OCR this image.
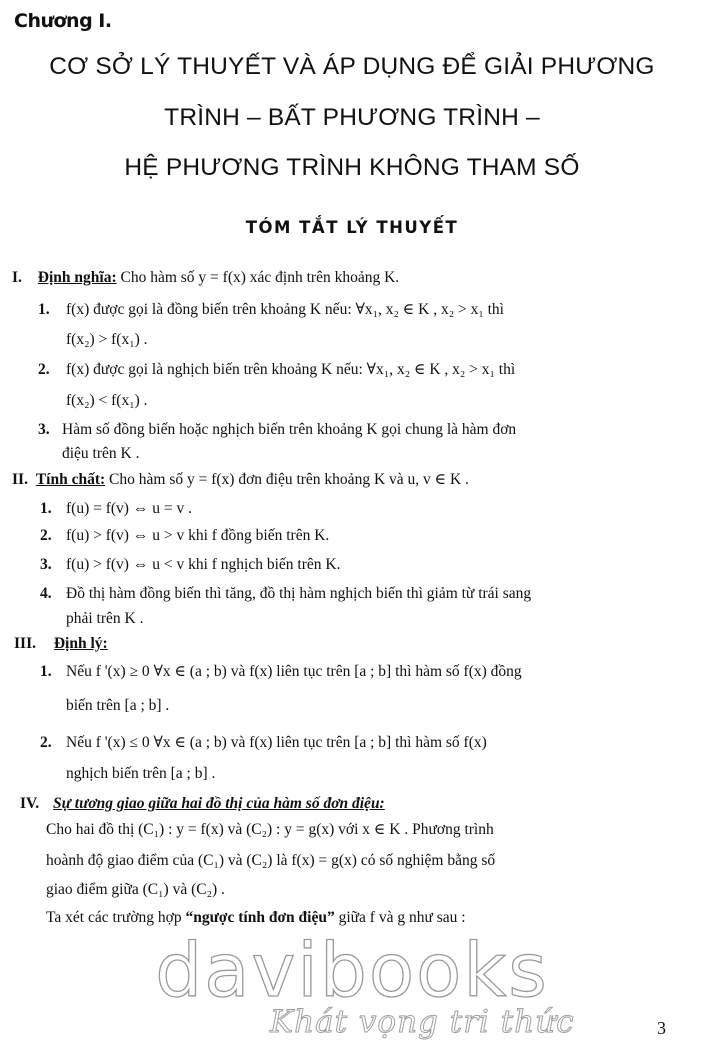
Chương I.
CƠ SỞ LÝ THUYẾT VÀ ÁP DỤNG ĐỂ GIẢI PHƯƠNG
TRÌNH – BẤT PHƯƠNG TRÌNH –
HỆ PHƯƠNG TRÌNH KHÔNG THAM SỐ
TÓM TẮT LÝ THUYẾT
I. Định nghĩa: Cho hàm số y = f(x) xác định trên khoảng K.
1. f(x) được gọi là đồng biến trên khoảng K nếu: ∀x₁, x₂ ∈ K , x₂ > x₁ thì
f(x₂) > f(x₁) .
2. f(x) được gọi là nghịch biến trên khoảng K nếu: ∀x₁, x₂ ∈ K , x₂ > x₁ thì
f(x₂) < f(x₁) .
3. Hàm số đồng biến hoặc nghịch biến trên khoảng K gọi chung là hàm đơn
điệu trên K .
II. Tính chất: Cho hàm số y = f(x) đơn điệu trên khoảng K và u, v ∈ K .
1. f(u) = f(v) ⇔ u = v .
2. f(u) > f(v) ⇔ u > v khi f đồng biến trên K.
3. f(u) > f(v) ⇔ u < v khi f nghịch biến trên K.
4. Đồ thị hàm đồng biến thì tăng, đồ thị hàm nghịch biến thì giảm từ trái sang
phải trên K .
III. Định lý:
1. Nếu f '(x) ≥ 0 ∀x ∈ (a ; b) và f(x) liên tục trên [a ; b] thì hàm số f(x) đồng
biến trên [a ; b] .
2. Nếu f '(x) ≤ 0 ∀x ∈ (a ; b) và f(x) liên tục trên [a ; b] thì hàm số f(x)
nghịch biến trên [a ; b] .
IV. Sự tương giao giữa hai đồ thị của hàm số đơn điệu:
Cho hai đồ thị (C₁) : y = f(x) và (C₂) : y = g(x) với x ∈ K . Phương trình
hoành độ giao điểm của (C₁) và (C₂) là f(x) = g(x) có số nghiệm bằng số
giao điểm giữa (C₁) và (C₂) .
Ta xét các trường hợp “ngược tính đơn điệu” giữa f và g như sau :
davibooks
Khát vọng tri thức	3
